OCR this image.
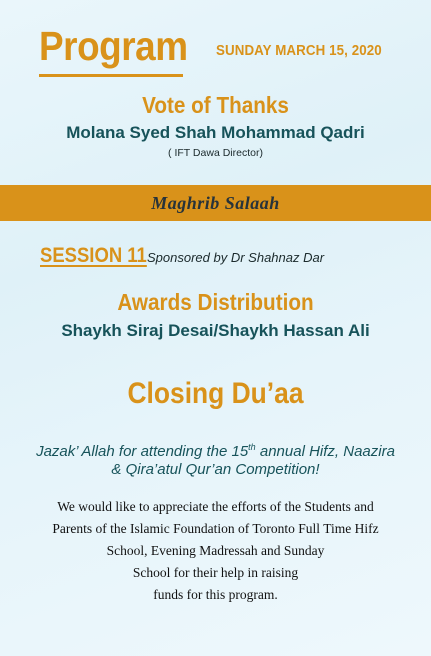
Program SUNDAY MARCH 15, 2020
Vote of Thanks
Molana Syed Shah Mohammad Qadri
( IFT Dawa Director)
Maghrib Salaah
SESSION 11 Sponsored by Dr Shahnaz Dar
Awards Distribution
Shaykh Siraj Desai/Shaykh Hassan Ali
Closing Du’aa
Jazak’ Allah for attending the 15th annual Hifz, Naazira
& Qira’atul Qur’an Competition!
We would like to appreciate the efforts of the Students and
Parents of the Islamic Foundation of Toronto Full Time Hifz
School, Evening Madressah and Sunday
School for their help in raising
funds for this program.
